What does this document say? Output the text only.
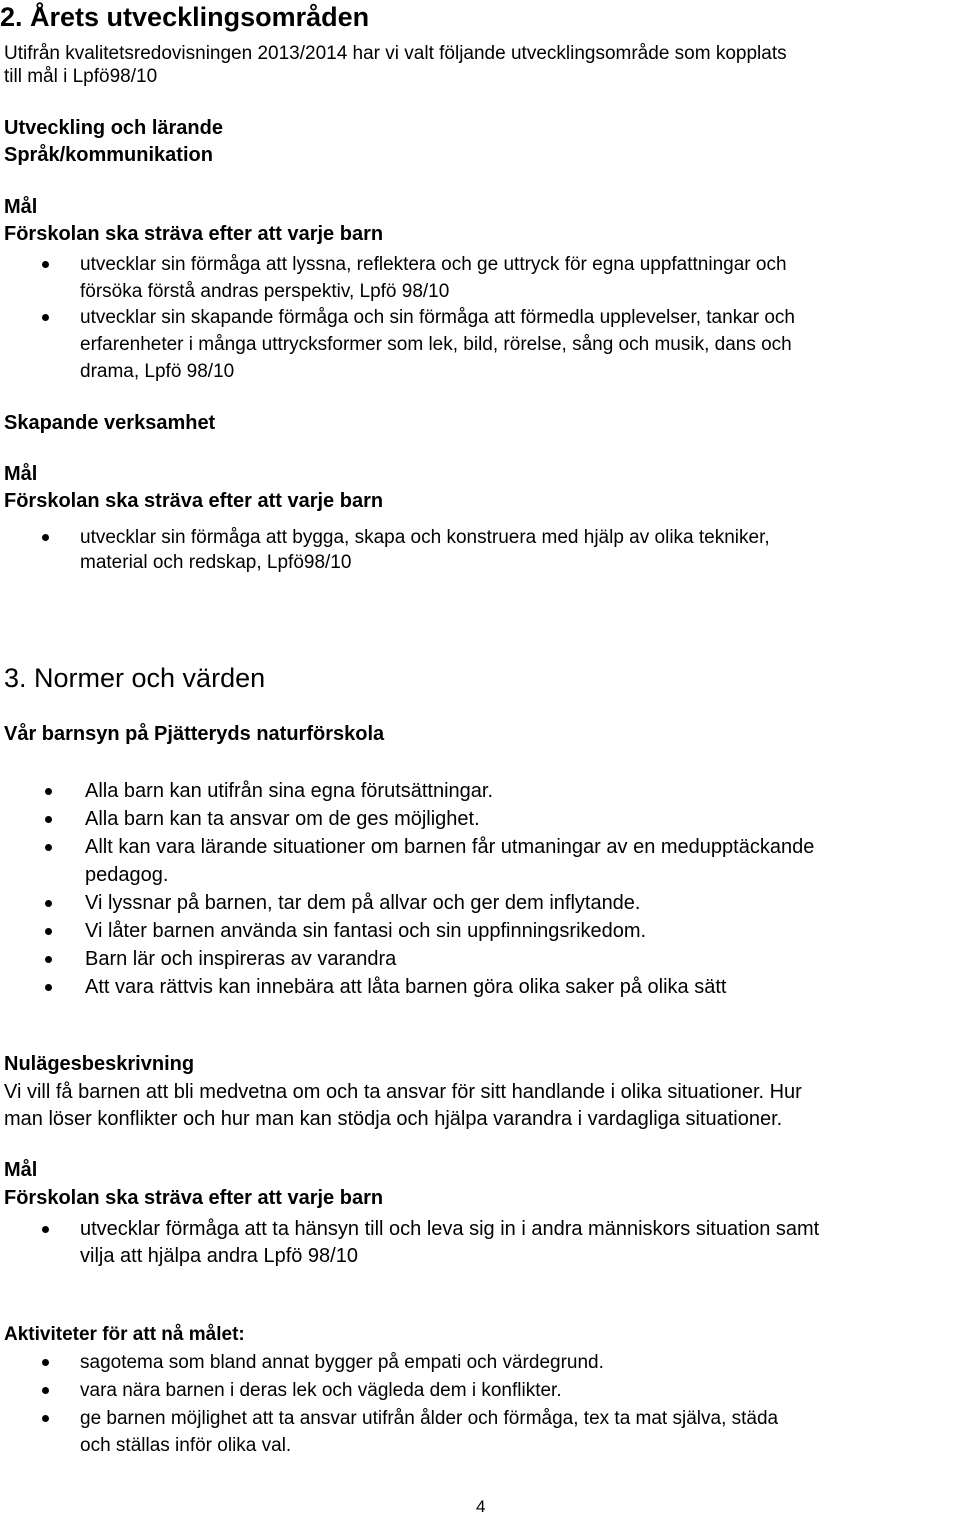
2. Årets utvecklingsområden
Utifrån kvalitetsredovisningen 2013/2014 har vi valt följande utvecklingsområde som kopplats
till mål i Lpfö98/10
Utveckling och lärande
Språk/kommunikation
Mål
Förskolan ska sträva efter att varje barn
utvecklar sin förmåga att lyssna, reflektera och ge uttryck för egna uppfattningar och
försöka förstå andras perspektiv, Lpfö 98/10
utvecklar sin skapande förmåga och sin förmåga att förmedla upplevelser, tankar och
erfarenheter i många uttrycksformer som lek, bild, rörelse, sång och musik, dans och
drama, Lpfö 98/10
Skapande verksamhet
Mål
Förskolan ska sträva efter att varje barn
utvecklar sin förmåga att bygga, skapa och konstruera med hjälp av olika tekniker,
material och redskap, Lpfö98/10
3. Normer och värden
Vår barnsyn på Pjätteryds naturförskola
Alla barn kan utifrån sina egna förutsättningar.
Alla barn kan ta ansvar om de ges möjlighet.
Allt kan vara lärande situationer om barnen får utmaningar av en medupptäckande
pedagog.
Vi lyssnar på barnen, tar dem på allvar och ger dem inflytande.
Vi låter barnen använda sin fantasi och sin uppfinningsrikedom.
Barn lär och inspireras av varandra
Att vara rättvis kan innebära att låta barnen göra olika saker på olika sätt
Nulägesbeskrivning
Vi vill få barnen att bli medvetna om och ta ansvar för sitt handlande i olika situationer. Hur
man löser konflikter och hur man kan stödja och hjälpa varandra i vardagliga situationer.
Mål
Förskolan ska sträva efter att varje barn
utvecklar förmåga att ta hänsyn till och leva sig in i andra människors situation samt
vilja att hjälpa andra Lpfö 98/10
Aktiviteter för att nå målet:
sagotema som bland annat bygger på empati och värdegrund.
vara nära barnen i deras lek och vägleda dem i konflikter.
ge barnen möjlighet att ta ansvar utifrån ålder och förmåga, tex ta mat själva, städa
och ställas inför olika val.
4
